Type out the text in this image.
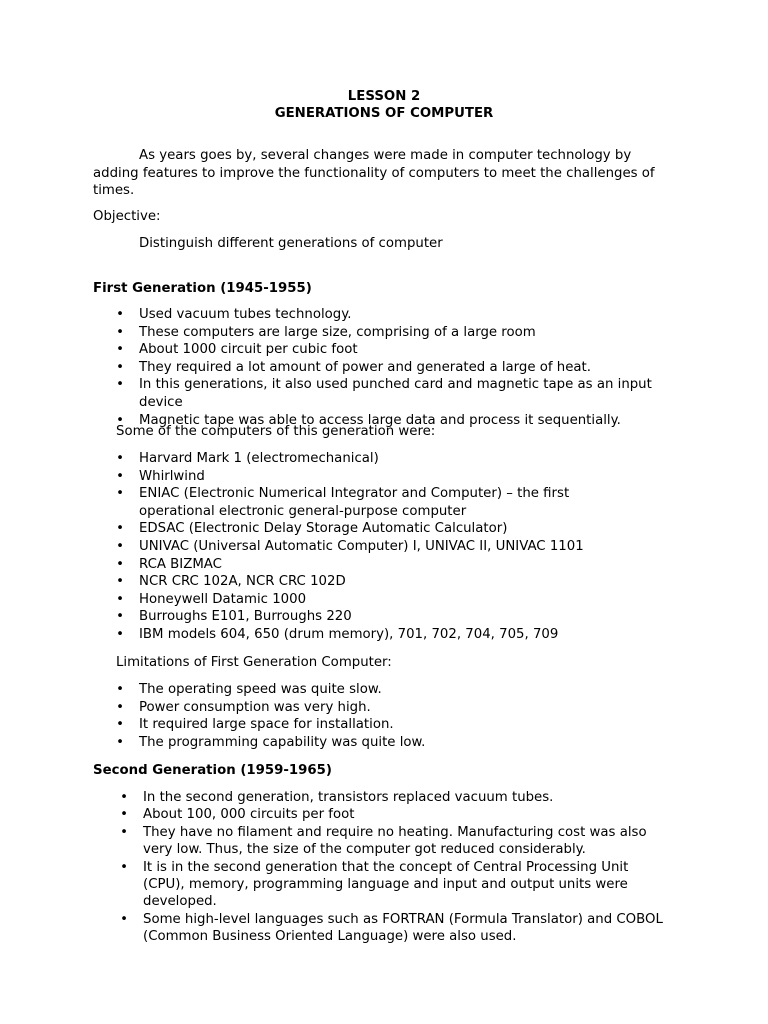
LESSON 2
GENERATIONS OF COMPUTER
As years goes by, several changes were made in computer technology by adding features to improve the functionality of computers to meet the challenges of times.
Objective:
Distinguish different generations of computer
First Generation (1945-1955)
• Used vacuum tubes technology.
• These computers are large size, comprising of a large room
• About 1000 circuit per cubic foot
• They required a lot amount of power and generated a large of heat.
• In this generations, it also used punched card and magnetic tape as an input device
• Magnetic tape was able to access large data and process it sequentially.
Some of the computers of this generation were:
• Harvard Mark 1 (electromechanical)
• Whirlwind
• ENIAC (Electronic Numerical Integrator and Computer) – the first operational electronic general-purpose computer
• EDSAC (Electronic Delay Storage Automatic Calculator)
• UNIVAC (Universal Automatic Computer) I, UNIVAC II, UNIVAC 1101
• RCA BIZMAC
• NCR CRC 102A, NCR CRC 102D
• Honeywell Datamic 1000
• Burroughs E101, Burroughs 220
• IBM models 604, 650 (drum memory), 701, 702, 704, 705, 709
Limitations of First Generation Computer:
• The operating speed was quite slow.
• Power consumption was very high.
• It required large space for installation.
• The programming capability was quite low.
Second Generation (1959-1965)
• In the second generation, transistors replaced vacuum tubes.
• About 100, 000 circuits per foot
• They have no filament and require no heating. Manufacturing cost was also very low. Thus, the size of the computer got reduced considerably.
• It is in the second generation that the concept of Central Processing Unit (CPU), memory, programming language and input and output units were developed.
• Some high-level languages such as FORTRAN (Formula Translator) and COBOL (Common Business Oriented Language) were also used.
